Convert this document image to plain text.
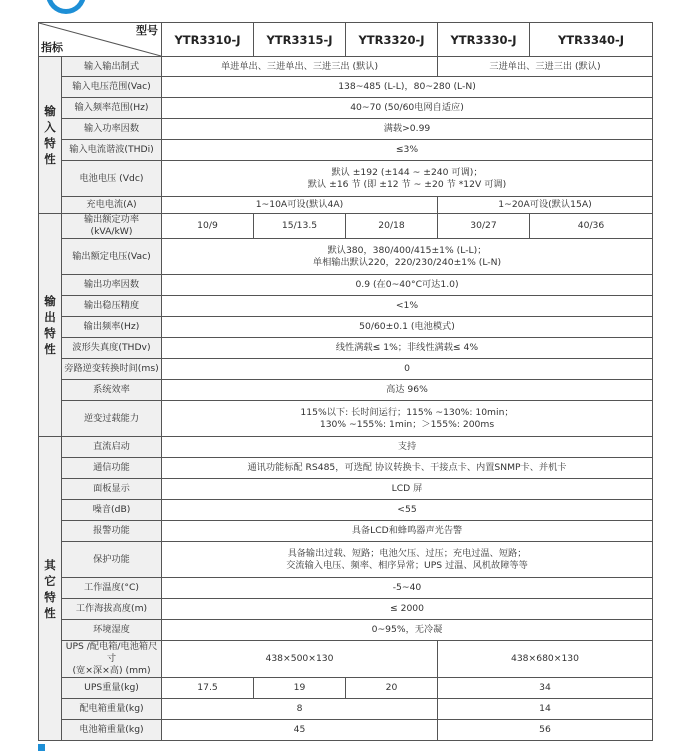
型号
指标		YTR3310-J	YTR3315-J	YTR3320-J	YTR3330-J	YTR3340-J
输
入
特
性	输入输出制式	单进单出、三进单出、三进三出 (默认)			三进单出、三进三出 (默认)	
	输入电压范围(Vac)	138~485 (L-L)，80~280 (L-N)				
	输入频率范围(Hz)	40~70 (50/60电网自适应)				
	输入功率因数	满载>0.99				
	输入电流谐波(THDi)	≤3%				
	电池电压 (Vdc)	默认 ±192 (±144 ~ ±240 可调)；
默认 ±16 节 (即 ±12 节 ~ ±20 节 *12V 可调)				
	充电电流(A)	1~10A可设(默认4A)			1~20A可设(默认15A)	
输
出
特
性	输出额定功率 (kVA/kW)	10/9	15/13.5	20/18	30/27	40/36
	输出额定电压(Vac)	默认380，380/400/415±1% (L-L)；
单相输出默认220，220/230/240±1% (L-N)				
	输出功率因数	0.9 (在0~40°C可达1.0)				
	输出稳压精度	<1%				
	输出频率(Hz)	50/60±0.1 (电池模式)				
	波形失真度(THDv)	线性满载≤ 1%；非线性满载≤ 4%				
	旁路逆变转换时间(ms)	0				
	系统效率	高达 96%				
	逆变过载能力	115%以下: 长时间运行；115% ~130%: 10min；
130% ~155%: 1min；＞155%: 200ms				
其
它
特
性	直流启动	支持				
	通信功能	通讯功能标配 RS485，可选配 协议转换卡、干接点卡、内置SNMP卡、并机卡				
	面板显示	LCD 屏				
	噪音(dB)	<55				
	报警功能	具备LCD和蜂鸣器声光告警				
	保护功能	具备输出过载、短路；电池欠压、过压；充电过温、短路；
交流输入电压、频率、相序异常；UPS 过温、风机故障等等				
	工作温度(°C)	-5~40				
	工作海拔高度(m)	≤ 2000				
	环境湿度	0~95%，无冷凝				
	UPS /配电箱/电池箱尺寸
(宽×深×高) (mm)	438×500×130			438×680×130	
	UPS重量(kg)	17.5	19	20	34	
	配电箱重量(kg)	8			14	
	电池箱重量(kg)	45			56	
